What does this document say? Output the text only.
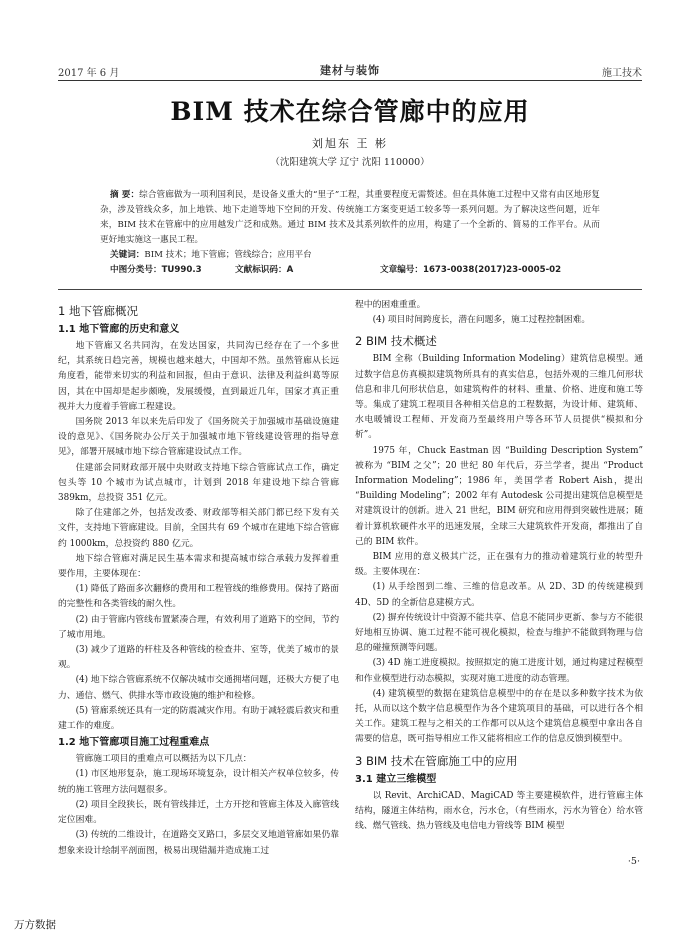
2017 年 6 月	建材与装饰	施工技术
BIM 技术在综合管廊中的应用
刘旭东 王 彬
（沈阳建筑大学 辽宁 沈阳 110000）
摘 要：综合管廊做为一项利国利民，是设备义重大的“里子”工程，其重要程度无需赘述。但在具体施工过程中又常有由区地形复杂，涉及管线众多，加上地铁、地下走道等地下空间的开发、传统施工方案变更适工较多等一系列问题。为了解决这些问题，近年来，BIM 技术在管廊中的应用越发广泛和成熟。通过 BIM 技术及其系列软件的应用，构建了一个全新的、简易的工作平台。从而更好地实施这一惠民工程。
关键词：BIM 技术；地下管廊；管线综合；应用平台
中图分类号：TU990.3	文献标识码：A	文章编号：1673-0038(2017)23-0005-02
1 地下管廊概况
1.1 地下管廊的历史和意义

地下管廊又名共同沟，在发达国家，共同沟已经存在了一个多世纪，其系统日趋完善，规模也越来越大，中国却不然。虽然管廊从长远角度看，能带来切实的利益和回报，但由于意识、法律及利益纠葛等原因，其在中国却是起步颇晚，发展缓慢，直到最近几年，国家才真正重视并大力度着手管廊工程建设。

国务院 2013 年以来先后印发了《国务院关于加强城市基础设施建设的意见》、《国务院办公厅关于加强城市地下管线建设管理的指导意见》，部署开展城市地下综合管廊建设试点工作。

住建部会同财政部开展中央财政支持地下综合管廊试点工作，确定包头等 10 个城市为试点城市，计划到 2018 年建设地下综合管廊 389km，总投资 351 亿元。

除了住建部之外，包括发改委、财政部等相关部门都已经下发有关文件，支持地下管廊建设。目前，全国共有 69 个城市在建地下综合管廊约 1000km，总投资约 880 亿元。

地下综合管廊对满足民生基本需求和提高城市综合承载力发挥着重要作用，主要体现在：

(1) 降低了路面多次翻修的费用和工程管线的维修费用。保持了路面的完整性和各类管线的耐久性。

(2) 由于管廊内管线布置紧凑合理，有效利用了道路下的空间，节约了城市用地。

(3) 减少了道路的杆柱及各种管线的检查井、室等，优美了城市的景观。

(4) 地下综合管廊系统不仅解决城市交通拥堵问题，还极大方便了电力、通信、燃气、供排水等市政设施的维护和检修。

(5) 管廊系统还具有一定的防震减灾作用。有助于减轻震后救灾和重建工作的难度。

1.2 地下管廊项目施工过程重难点

管廊施工项目的重难点可以概括为以下几点：

(1) 市区地形复杂，施工现场环境复杂，设计相关产权单位较多，传统的施工管理方法问题很多。

(2) 项目全段狭长，既有管线排迁，土方开挖和管廊主体及入廊管线定位困难。

(3) 传统的二维设计，在道路交叉路口，多层交叉地道管廊如果仍靠想象来设计绘制平剖面图，极易出现错漏并造成施工过

程中的困难重重。

(4) 项目时间跨度长，潜在问题多，施工过程控制困难。

2 BIM 技术概述

BIM 全称（Building Information Modeling）建筑信息模型。通过数字信息仿真模拟建筑物所具有的真实信息，包括外观的三维几何形状信息和非几何形状信息，如建筑构件的材料、重量、价格、进度和施工等等。集成了建筑工程项目各种相关信息的工程数据，为设计师、建筑师、水电暖铺设工程师、开发商乃至最终用户等各环节人员提供“模拟和分析”。

1975 年，Chuck Eastman 因 “Building Description System” 被称为 “BIM 之父”；20 世纪 80 年代后，芬兰学者，提出 “Product Information Modeling”；1986 年，美国学者 Robert Aish，提出 “Building Modeling”；2002 年有 Autodesk 公司提出建筑信息模型是对建筑设计的创新。进入 21 世纪，BIM 研究和应用得到突破性进展；随着计算机软硬件水平的迅速发展，全球三大建筑软件开发商，都推出了自己的 BIM 软件。

BIM 应用的意义极其广泛，正在强有力的推动着建筑行业的转型升级。主要体现在：

(1) 从手绘图到二维、三维的信息改革。从 2D、3D 的传统建模到 4D、5D 的全新信息建模方式。

(2) 摒弃传统设计中资源不能共享、信息不能同步更新、参与方不能很好地相互协调、施工过程不能可视化模拟，检查与维护不能做到物理与信息的碰撞预测等问题。

(3) 4D 施工进度模拟。按照拟定的施工进度计划，通过构建过程模型和作业模型进行动态模拟，实现对施工进度的动态管理。

(4) 建筑模型的数据在建筑信息模型中的存在是以多种数字技术为依托，从而以这个数字信息模型作为各个建筑项目的基础，可以进行各个相关工作。建筑工程与之相关的工作都可以从这个建筑信息模型中拿出各自需要的信息，既可指导相应工作又能将相应工作的信息反馈到模型中。

3 BIM 技术在管廊施工中的应用
3.1 建立三维模型

以 Revit、ArchiCAD、MagiCAD 等主要建模软件，进行管廊主体结构，隧道主体结构，雨水仓，污水仓，（有些雨水，污水为管仓）给水管线、燃气管线、热力管线及电信电力管线等 BIM 模型

·5·
万方数据
